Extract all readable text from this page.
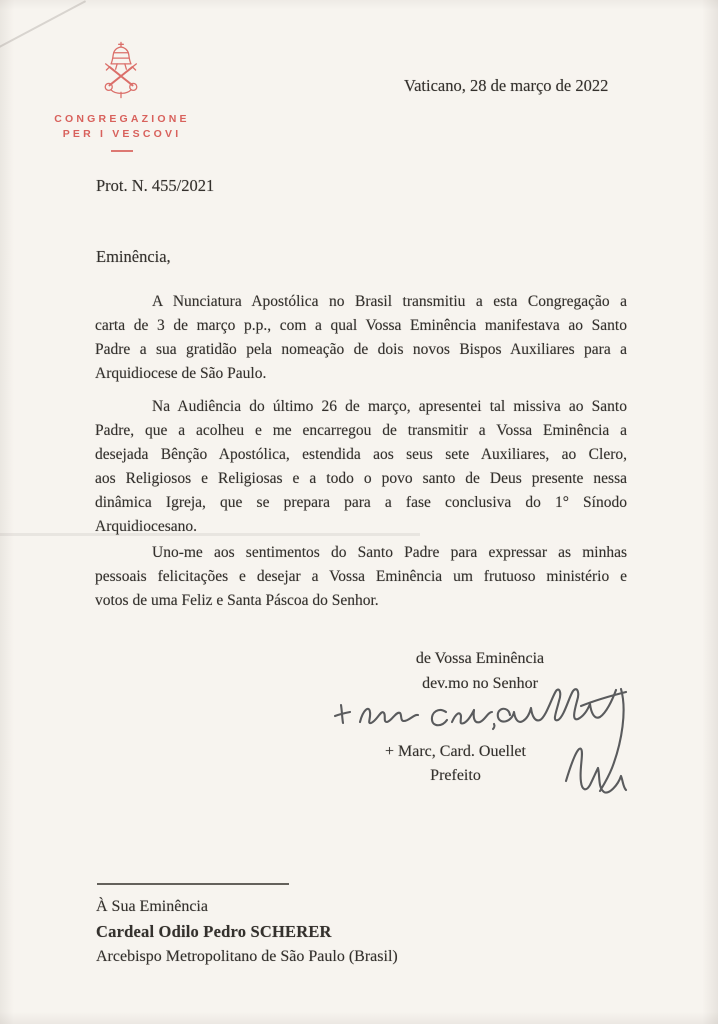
CONGREGAZIONE
PER I VESCOVI
Vaticano, 28 de março de 2022
Prot. N. 455/2021
Eminência,
A Nunciatura Apostólica no Brasil transmitiu a esta Congregação a
carta de 3 de março p.p., com a qual Vossa Eminência manifestava ao Santo
Padre a sua gratidão pela nomeação de dois novos Bispos Auxiliares para a
Arquidiocese de São Paulo.
Na Audiência do último 26 de março, apresentei tal missiva ao Santo
Padre, que a acolheu e me encarregou de transmitir a Vossa Eminência a
desejada Bênção Apostólica, estendida aos seus sete Auxiliares, ao Clero,
aos Religiosos e Religiosas e a todo o povo santo de Deus presente nessa
dinâmica Igreja, que se prepara para a fase conclusiva do 1° Sínodo
Arquidiocesano.
Uno-me aos sentimentos do Santo Padre para expressar as minhas
pessoais felicitações e desejar a Vossa Eminência um frutuoso ministério e
votos de uma Feliz e Santa Páscoa do Senhor.
de Vossa Eminência
dev.mo no Senhor
+ Marc, Card. Ouellet
Prefeito
À Sua Eminência
Cardeal Odilo Pedro SCHERER
Arcebispo Metropolitano de São Paulo (Brasil)
